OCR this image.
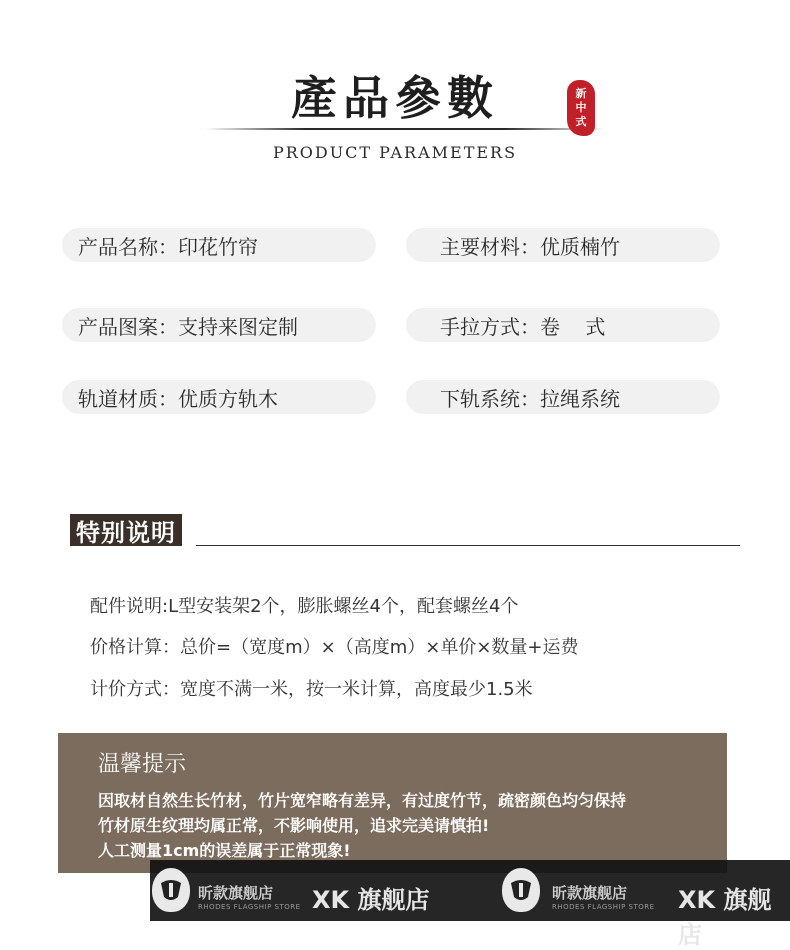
產品參數
PRODUCT PARAMETERS
新
中
式
产品名称：印花竹帘	主要材料：优质楠竹
产品图案：支持来图定制	手拉方式：卷    式
轨道材质：优质方轨木	下轨系统：拉绳系统
特别说明
配件说明:L型安装架2个，膨胀螺丝4个，配套螺丝4个
价格计算：总价=（宽度m）×（高度m）×单价×数量+运费
计价方式：宽度不满一米，按一米计算，高度最少1.5米
温馨提示
因取材自然生长竹材，竹片宽窄略有差异，有过度竹节，疏密颜色均匀保持
竹材原生纹理均属正常，不影响使用，追求完美请慎拍!
人工测量1cm的误差属于正常现象!
昕款旗舰店
RHODES FLAGSHIP STORE XK 旗舰店	昕款旗舰店
RHODES FLAGSHIP STORE XK 旗舰店
